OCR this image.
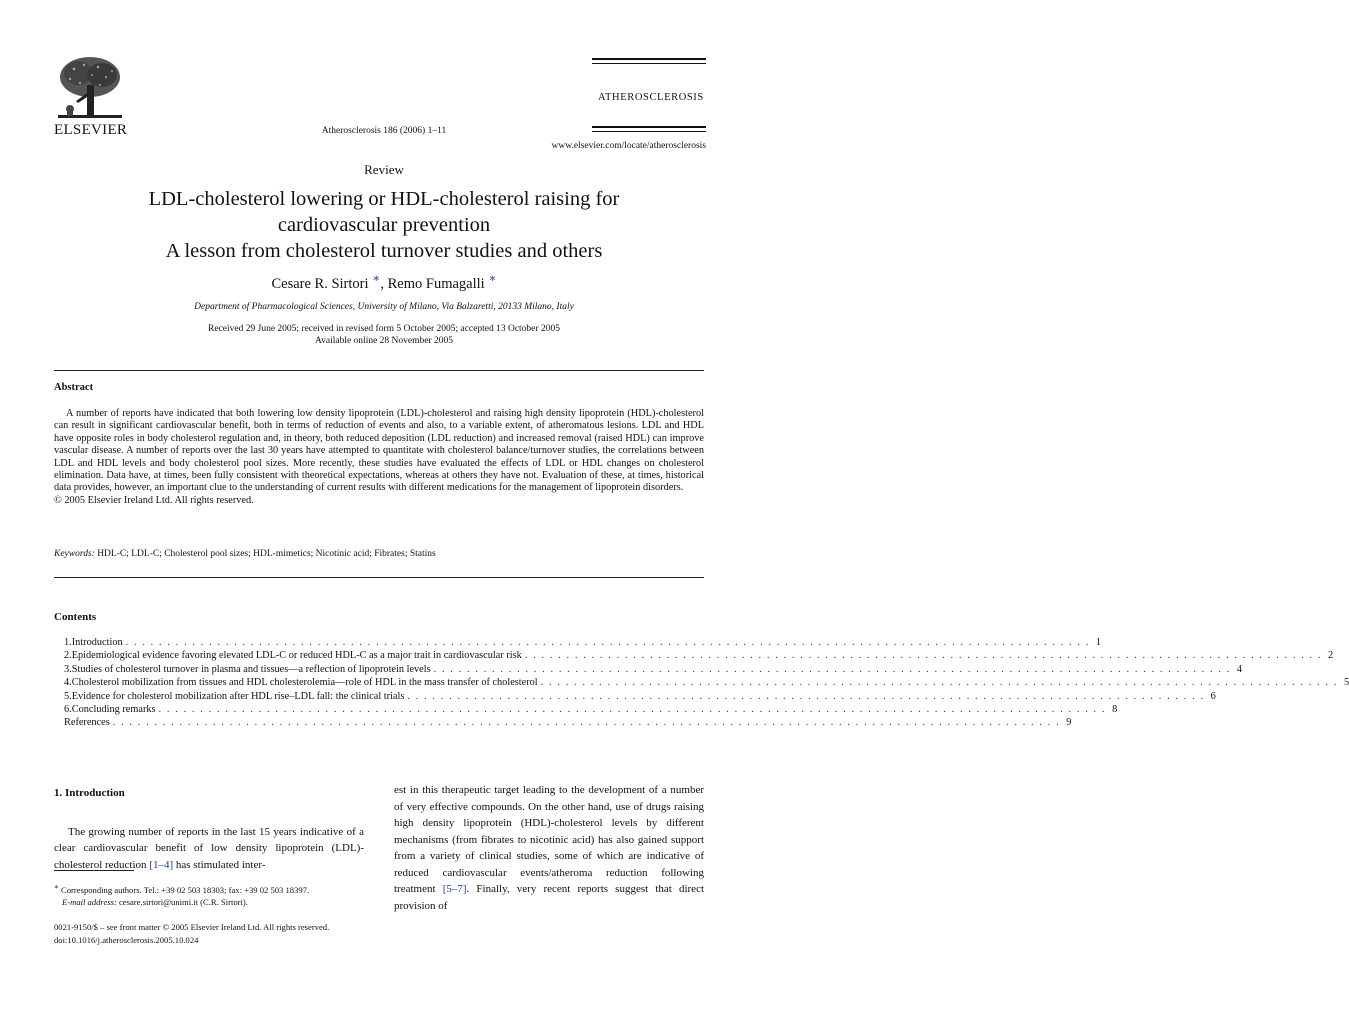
ELSEVIER	Atherosclerosis 186 (2006) 1–11
ATHEROSCLEROSIS
www.elsevier.com/locate/atherosclerosis
Review
LDL-cholesterol lowering or HDL-cholesterol raising for
cardiovascular prevention
A lesson from cholesterol turnover studies and others
Cesare R. Sirtori ∗, Remo Fumagalli ∗
Department of Pharmacological Sciences, University of Milano, Via Balzaretti, 20133 Milano, Italy
Received 29 June 2005; received in revised form 5 October 2005; accepted 13 October 2005
Available online 28 November 2005
Abstract

A number of reports have indicated that both lowering low density lipoprotein (LDL)-cholesterol and raising high density lipoprotein (HDL)-cholesterol can result in significant cardiovascular benefit, both in terms of reduction of events and also, to a variable extent, of atheromatous lesions. LDL and HDL have opposite roles in body cholesterol regulation and, in theory, both reduced deposition (LDL reduction) and increased removal (raised HDL) can improve vascular disease. A number of reports over the last 30 years have attempted to quantitate with cholesterol balance/turnover studies, the correlations between LDL and HDL levels and body cholesterol pool sizes. More recently, these studies have evaluated the effects of LDL or HDL changes on cholesterol elimination. Data have, at times, been fully consistent with theoretical expectations, whereas at others they have not. Evaluation of these, at times, historical data provides, however, an important clue to the understanding of current results with different medications for the management of lipoprotein disorders.

© 2005 Elsevier Ireland Ltd. All rights reserved.

Keywords: HDL-C; LDL-C; Cholesterol pool sizes; HDL-mimetics; Nicotinic acid; Fibrates; Statins
Contents
1. Introduction . . . . . . . . . . . . . . . . . . . . . . . . . . . . . . . . . . . . . . . . . . . . . . . . . . . . . . . . . . . . . . . . . . . . . . . . . . . . . . . . . . . . . . . . . . . . . . . . . . . . . . . . . . . . . . . . . . . . 1
2. Epidemiological evidence favoring elevated LDL-C or reduced HDL-C as a major trait in cardiovascular risk . . . . . . . . . . . . . . . . . . . . . . . . . . . . . . . . . . . . . . . . . . . . . . . . . . . . . . . . . . . . . . . . . . . . . . . . . . . . . . . . . . . . . . . . . . . . . . . . 2
3. Studies of cholesterol turnover in plasma and tissues—a reflection of lipoprotein levels . . . . . . . . . . . . . . . . . . . . . . . . . . . . . . . . . . . . . . . . . . . . . . . . . . . . . . . . . . . . . . . . . . . . . . . . . . . . . . . . . . . . . . . . . . . . . . . . 4
4. Cholesterol mobilization from tissues and HDL cholesterolemia—role of HDL in the mass transfer of cholesterol . . . . . . . . . . . . . . . . . . . . . . . . . . . . . . . . . . . . . . . . . . . . . . . . . . . . . . . . . . . . . . . . . . . . . . . . . . . . . . . . . . . . . . . . . . . . . . . . 5
5. Evidence for cholesterol mobilization after HDL rise–LDL fall: the clinical trials . . . . . . . . . . . . . . . . . . . . . . . . . . . . . . . . . . . . . . . . . . . . . . . . . . . . . . . . . . . . . . . . . . . . . . . . . . . . . . . . . . . . . . . . . . . . . . . . 6
6. Concluding remarks . . . . . . . . . . . . . . . . . . . . . . . . . . . . . . . . . . . . . . . . . . . . . . . . . . . . . . . . . . . . . . . . . . . . . . . . . . . . . . . . . . . . . . . . . . . . . . . . . . . . . . . . . . . . . . . . . . 8
References . . . . . . . . . . . . . . . . . . . . . . . . . . . . . . . . . . . . . . . . . . . . . . . . . . . . . . . . . . . . . . . . . . . . . . . . . . . . . . . . . . . . . . . . . . . . . . . . . . . . . . . . . . . . . . . . . . 9
1. Introduction
The growing number of reports in the last 15 years indicative of a clear cardiovascular benefit of low density lipoprotein (LDL)-cholesterol reduction [1–4] has stimulated inter-
est in this therapeutic target leading to the development of a number of very effective compounds. On the other hand, use of drugs raising high density lipoprotein (HDL)-cholesterol levels by different mechanisms (from fibrates to nicotinic acid) has also gained support from a variety of clinical studies, some of which are indicative of reduced cardiovascular events/atheroma reduction following treatment [5–7]. Finally, very recent reports suggest that direct provision of
∗ Corresponding authors. Tel.: +39 02 503 18303; fax: +39 02 503 18397.
E-mail address: cesare.sirtori@unimi.it (C.R. Sirtori).
0021-9150/$ – see front matter © 2005 Elsevier Ireland Ltd. All rights reserved.
doi:10.1016/j.atherosclerosis.2005.10.024
